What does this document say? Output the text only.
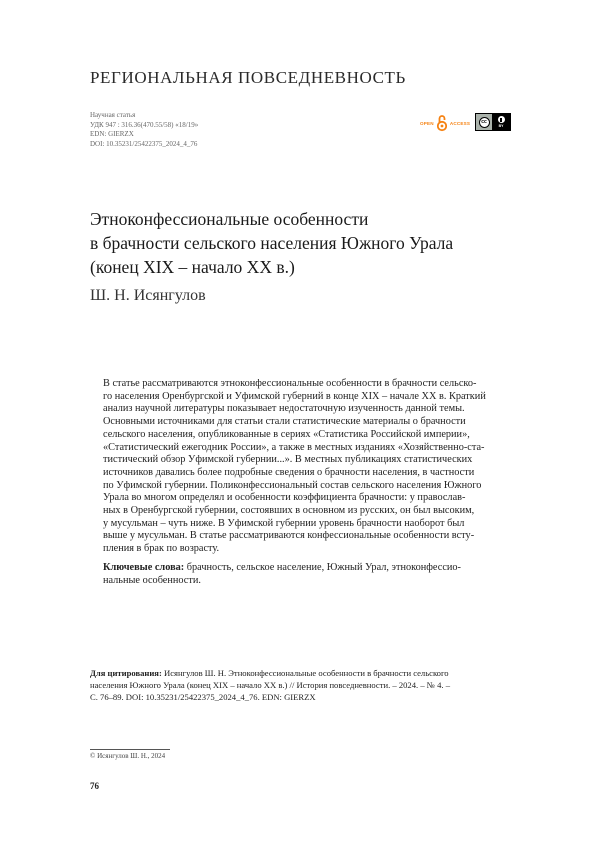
РЕГИОНАЛЬНАЯ ПОВСЕДНЕВНОСТЬ
Научная статья
УДК 947 : 316.36(470.55/58) «18/19»
EDN: GIERZX
DOI: 10.35231/25422375_2024_4_76
OPEN	ACCESS	cc
BY
Этноконфессиональные особенности
в брачности сельского населения Южного Урала
(конец XIX – начало XX в.)
Ш. Н. Исянгулов
В статье рассматриваются этноконфессиональные особенности в брачности сельско-
го населения Оренбургской и Уфимской губерний в конце XIX – начале XX в. Краткий
анализ научной литературы показывает недостаточную изученность данной темы.
Основными источниками для статьи стали статистические материалы о брачности
сельского населения, опубликованные в сериях «Статистика Российской империи»,
«Статистический ежегодник России», а также в местных изданиях «Хозяйственно-ста-
тистический обзор Уфимской губернии...». В местных публикациях статистических
источников давались более подробные сведения о брачности населения, в частности
по Уфимской губернии. Поликонфессиональный состав сельского населения Южного
Урала во многом определял и особенности коэффициента брачности: у православ-
ных в Оренбургской губернии, состоявших в основном из русских, он был высоким,
у мусульман – чуть ниже. В Уфимской губернии уровень брачности наоборот был
выше у мусульман. В статье рассматриваются конфессиональные особенности всту-
пления в брак по возрасту.
Ключевые слова: брачность, сельское население, Южный Урал, этноконфессио-
нальные особенности.
Для цитирования: Исянгулов Ш. Н. Этноконфессиональные особенности в брачности сельского
населения Южного Урала (конец XIX – начало XX в.) // История повседневности. – 2024. – № 4. –
С. 76–89. DOI: 10.35231/25422375_2024_4_76. EDN: GIERZX
© Исянгулов Ш. Н., 2024
76
